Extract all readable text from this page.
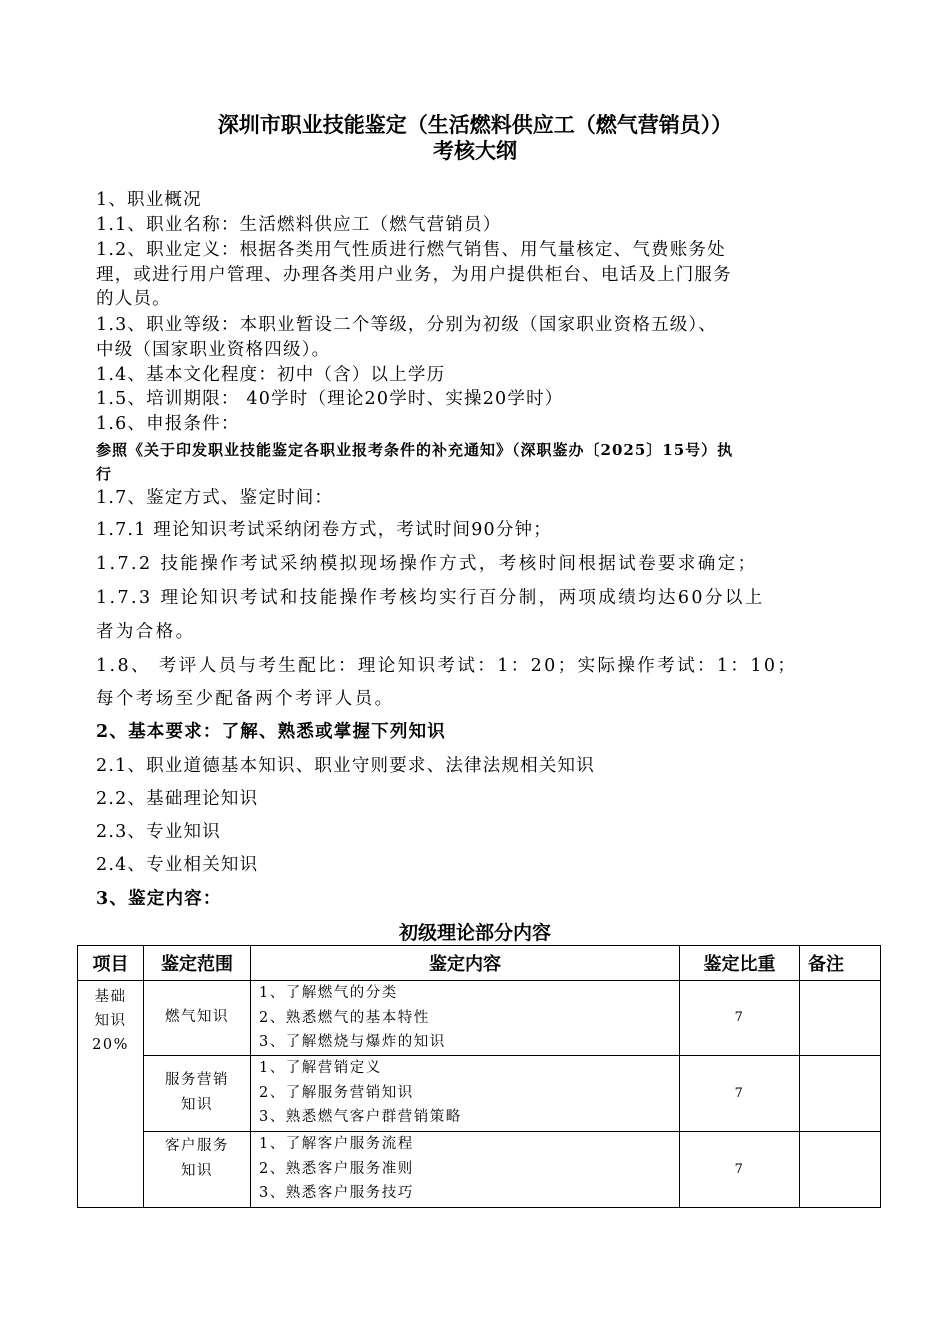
深圳市职业技能鉴定（生活燃料供应工（燃气营销员））
考核大纲
1、职业概况
1.1、职业名称：生活燃料供应工（燃气营销员）
1.2、职业定义：根据各类用气性质进行燃气销售、用气量核定、气费账务处
理，或进行用户管理、办理各类用户业务，为用户提供柜台、电话及上门服务
的人员。
1.3、职业等级：本职业暂设二个等级，分别为初级（国家职业资格五级）、
中级（国家职业资格四级）。
1.4、基本文化程度：初中（含）以上学历
1.5、培训期限： 40学时（理论20学时、实操20学时）
1.6、申报条件：
参照《关于印发职业技能鉴定各职业报考条件的补充通知》（深职鉴办〔2025〕15号）执
行
1.7、鉴定方式、鉴定时间：
1.7.1 理论知识考试采纳闭卷方式，考试时间90分钟；
1.7.2 技能操作考试采纳模拟现场操作方式，考核时间根据试卷要求确定；
1.7.3 理论知识考试和技能操作考核均实行百分制，两项成绩均达60分以上
者为合格。
1.8、 考评人员与考生配比：理论知识考试：1：20；实际操作考试：1：10；
每个考场至少配备两个考评人员。
2、基本要求：了解、熟悉或掌握下列知识
2.1、职业道德基本知识、职业守则要求、法律法规相关知识
2.2、基础理论知识
2.3、专业知识
2.4、专业相关知识
3、鉴定内容：
初级理论部分内容
项目	鉴定范围	鉴定内容	鉴定比重	备注

基础
知识
20%	燃气知识	1、了解燃气的分类
2、熟悉燃气的基本特性
3、了解燃烧与爆炸的知识	7	

	服务营销
知识	1、了解营销定义
2、了解服务营销知识
3、熟悉燃气客户群营销策略	7	

	客户服务
知识	1、了解客户服务流程
2、熟悉客户服务准则
3、熟悉客户服务技巧	7	
